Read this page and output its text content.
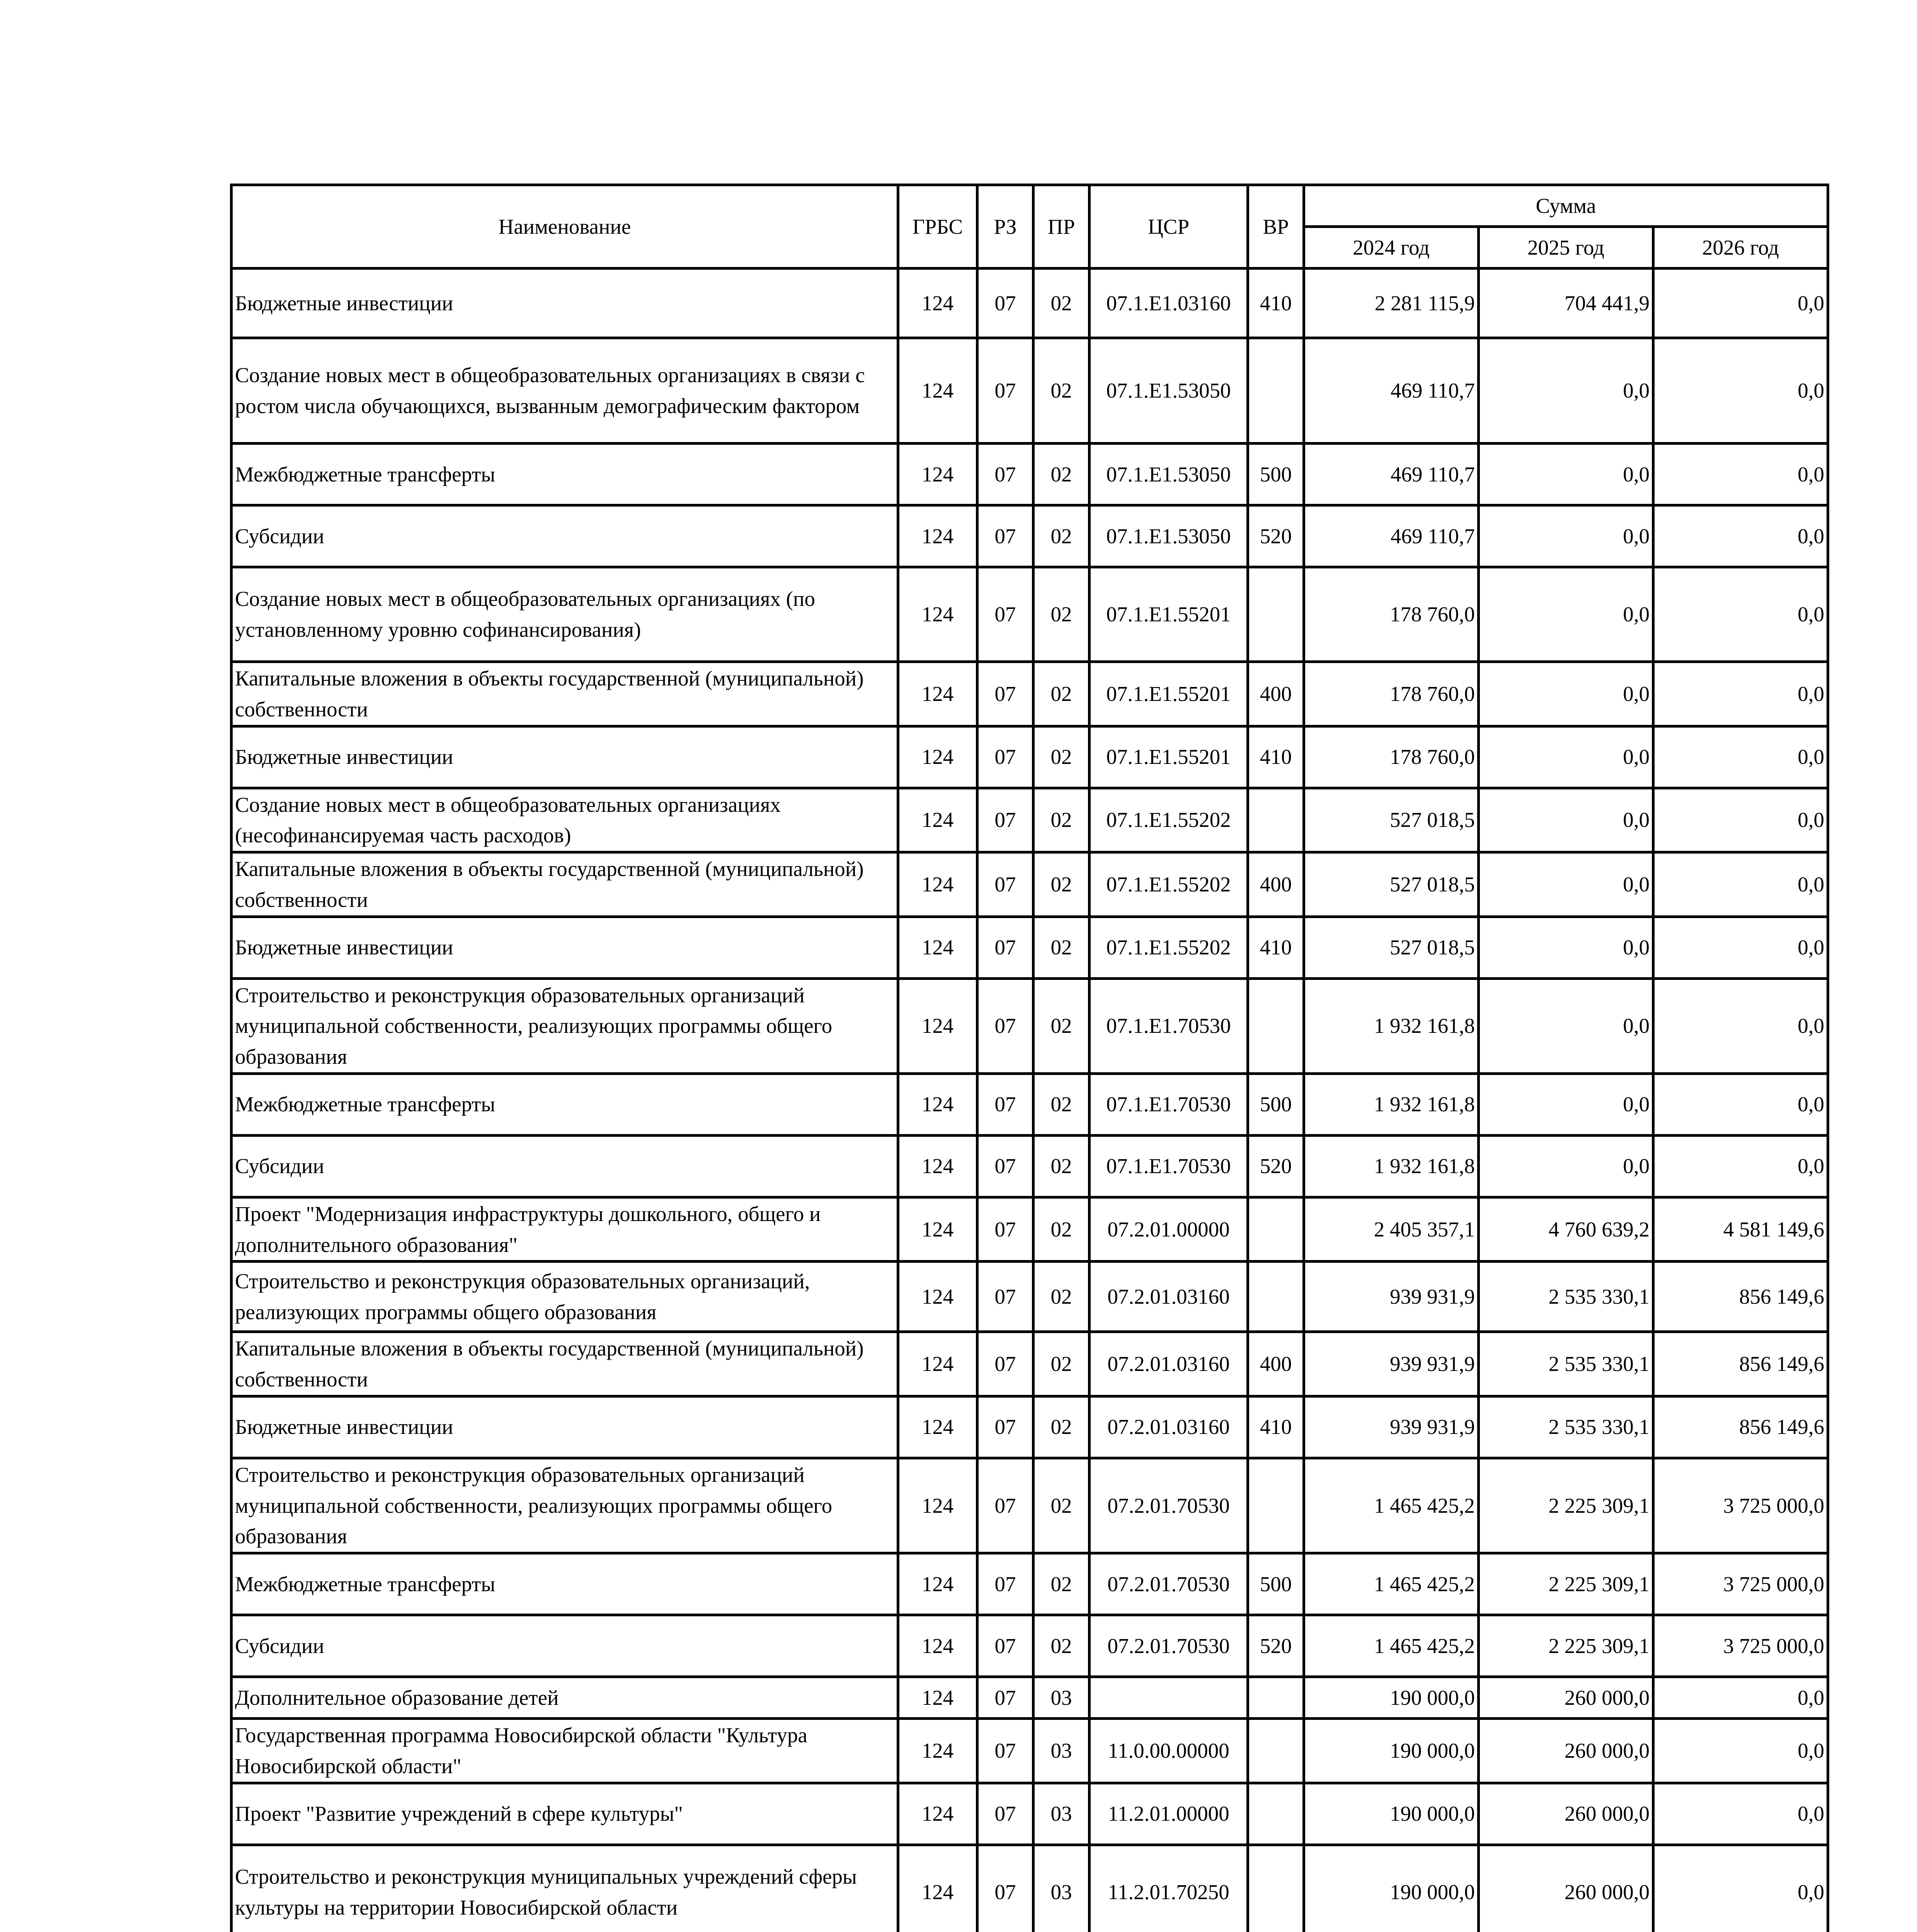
Наименование	ГРБС	РЗ	ПР	ЦСР	ВР	Сумма		
						2024 год	2025 год	2026 год
Бюджетные инвестиции	124	07	02	07.1.E1.03160	410	2 281 115,9	704 441,9	0,0
Создание новых мест в общеобразовательных организациях в связи с ростом числа обучающихся, вызванным демографическим фактором	124	07	02	07.1.E1.53050		469 110,7	0,0	0,0
Межбюджетные трансферты	124	07	02	07.1.E1.53050	500	469 110,7	0,0	0,0
Субсидии	124	07	02	07.1.E1.53050	520	469 110,7	0,0	0,0
Создание новых мест в общеобразовательных организациях (по установленному уровню софинансирования)	124	07	02	07.1.E1.55201		178 760,0	0,0	0,0
Капитальные вложения в объекты государственной (муниципальной) собственности	124	07	02	07.1.E1.55201	400	178 760,0	0,0	0,0
Бюджетные инвестиции	124	07	02	07.1.E1.55201	410	178 760,0	0,0	0,0
Создание новых мест в общеобразовательных организациях (несофинансируемая часть расходов)	124	07	02	07.1.E1.55202		527 018,5	0,0	0,0
Капитальные вложения в объекты государственной (муниципальной) собственности	124	07	02	07.1.E1.55202	400	527 018,5	0,0	0,0
Бюджетные инвестиции	124	07	02	07.1.E1.55202	410	527 018,5	0,0	0,0
Строительство и реконструкция образовательных организаций муниципальной собственности, реализующих программы общего образования	124	07	02	07.1.E1.70530		1 932 161,8	0,0	0,0
Межбюджетные трансферты	124	07	02	07.1.E1.70530	500	1 932 161,8	0,0	0,0
Субсидии	124	07	02	07.1.E1.70530	520	1 932 161,8	0,0	0,0
Проект "Модернизация инфраструктуры дошкольного, общего и дополнительного образования"	124	07	02	07.2.01.00000		2 405 357,1	4 760 639,2	4 581 149,6
Строительство и реконструкция образовательных организаций, реализующих программы общего образования	124	07	02	07.2.01.03160		939 931,9	2 535 330,1	856 149,6
Капитальные вложения в объекты государственной (муниципальной) собственности	124	07	02	07.2.01.03160	400	939 931,9	2 535 330,1	856 149,6
Бюджетные инвестиции	124	07	02	07.2.01.03160	410	939 931,9	2 535 330,1	856 149,6
Строительство и реконструкция образовательных организаций муниципальной собственности, реализующих программы общего образования	124	07	02	07.2.01.70530		1 465 425,2	2 225 309,1	3 725 000,0
Межбюджетные трансферты	124	07	02	07.2.01.70530	500	1 465 425,2	2 225 309,1	3 725 000,0
Субсидии	124	07	02	07.2.01.70530	520	1 465 425,2	2 225 309,1	3 725 000,0
Дополнительное образование детей	124	07	03			190 000,0	260 000,0	0,0
Государственная программа Новосибирской области "Культура Новосибирской области"	124	07	03	11.0.00.00000		190 000,0	260 000,0	0,0
Проект "Развитие учреждений в сфере культуры"	124	07	03	11.2.01.00000		190 000,0	260 000,0	0,0
Строительство и реконструкция муниципальных учреждений сферы культуры на территории Новосибирской области	124	07	03	11.2.01.70250		190 000,0	260 000,0	0,0
